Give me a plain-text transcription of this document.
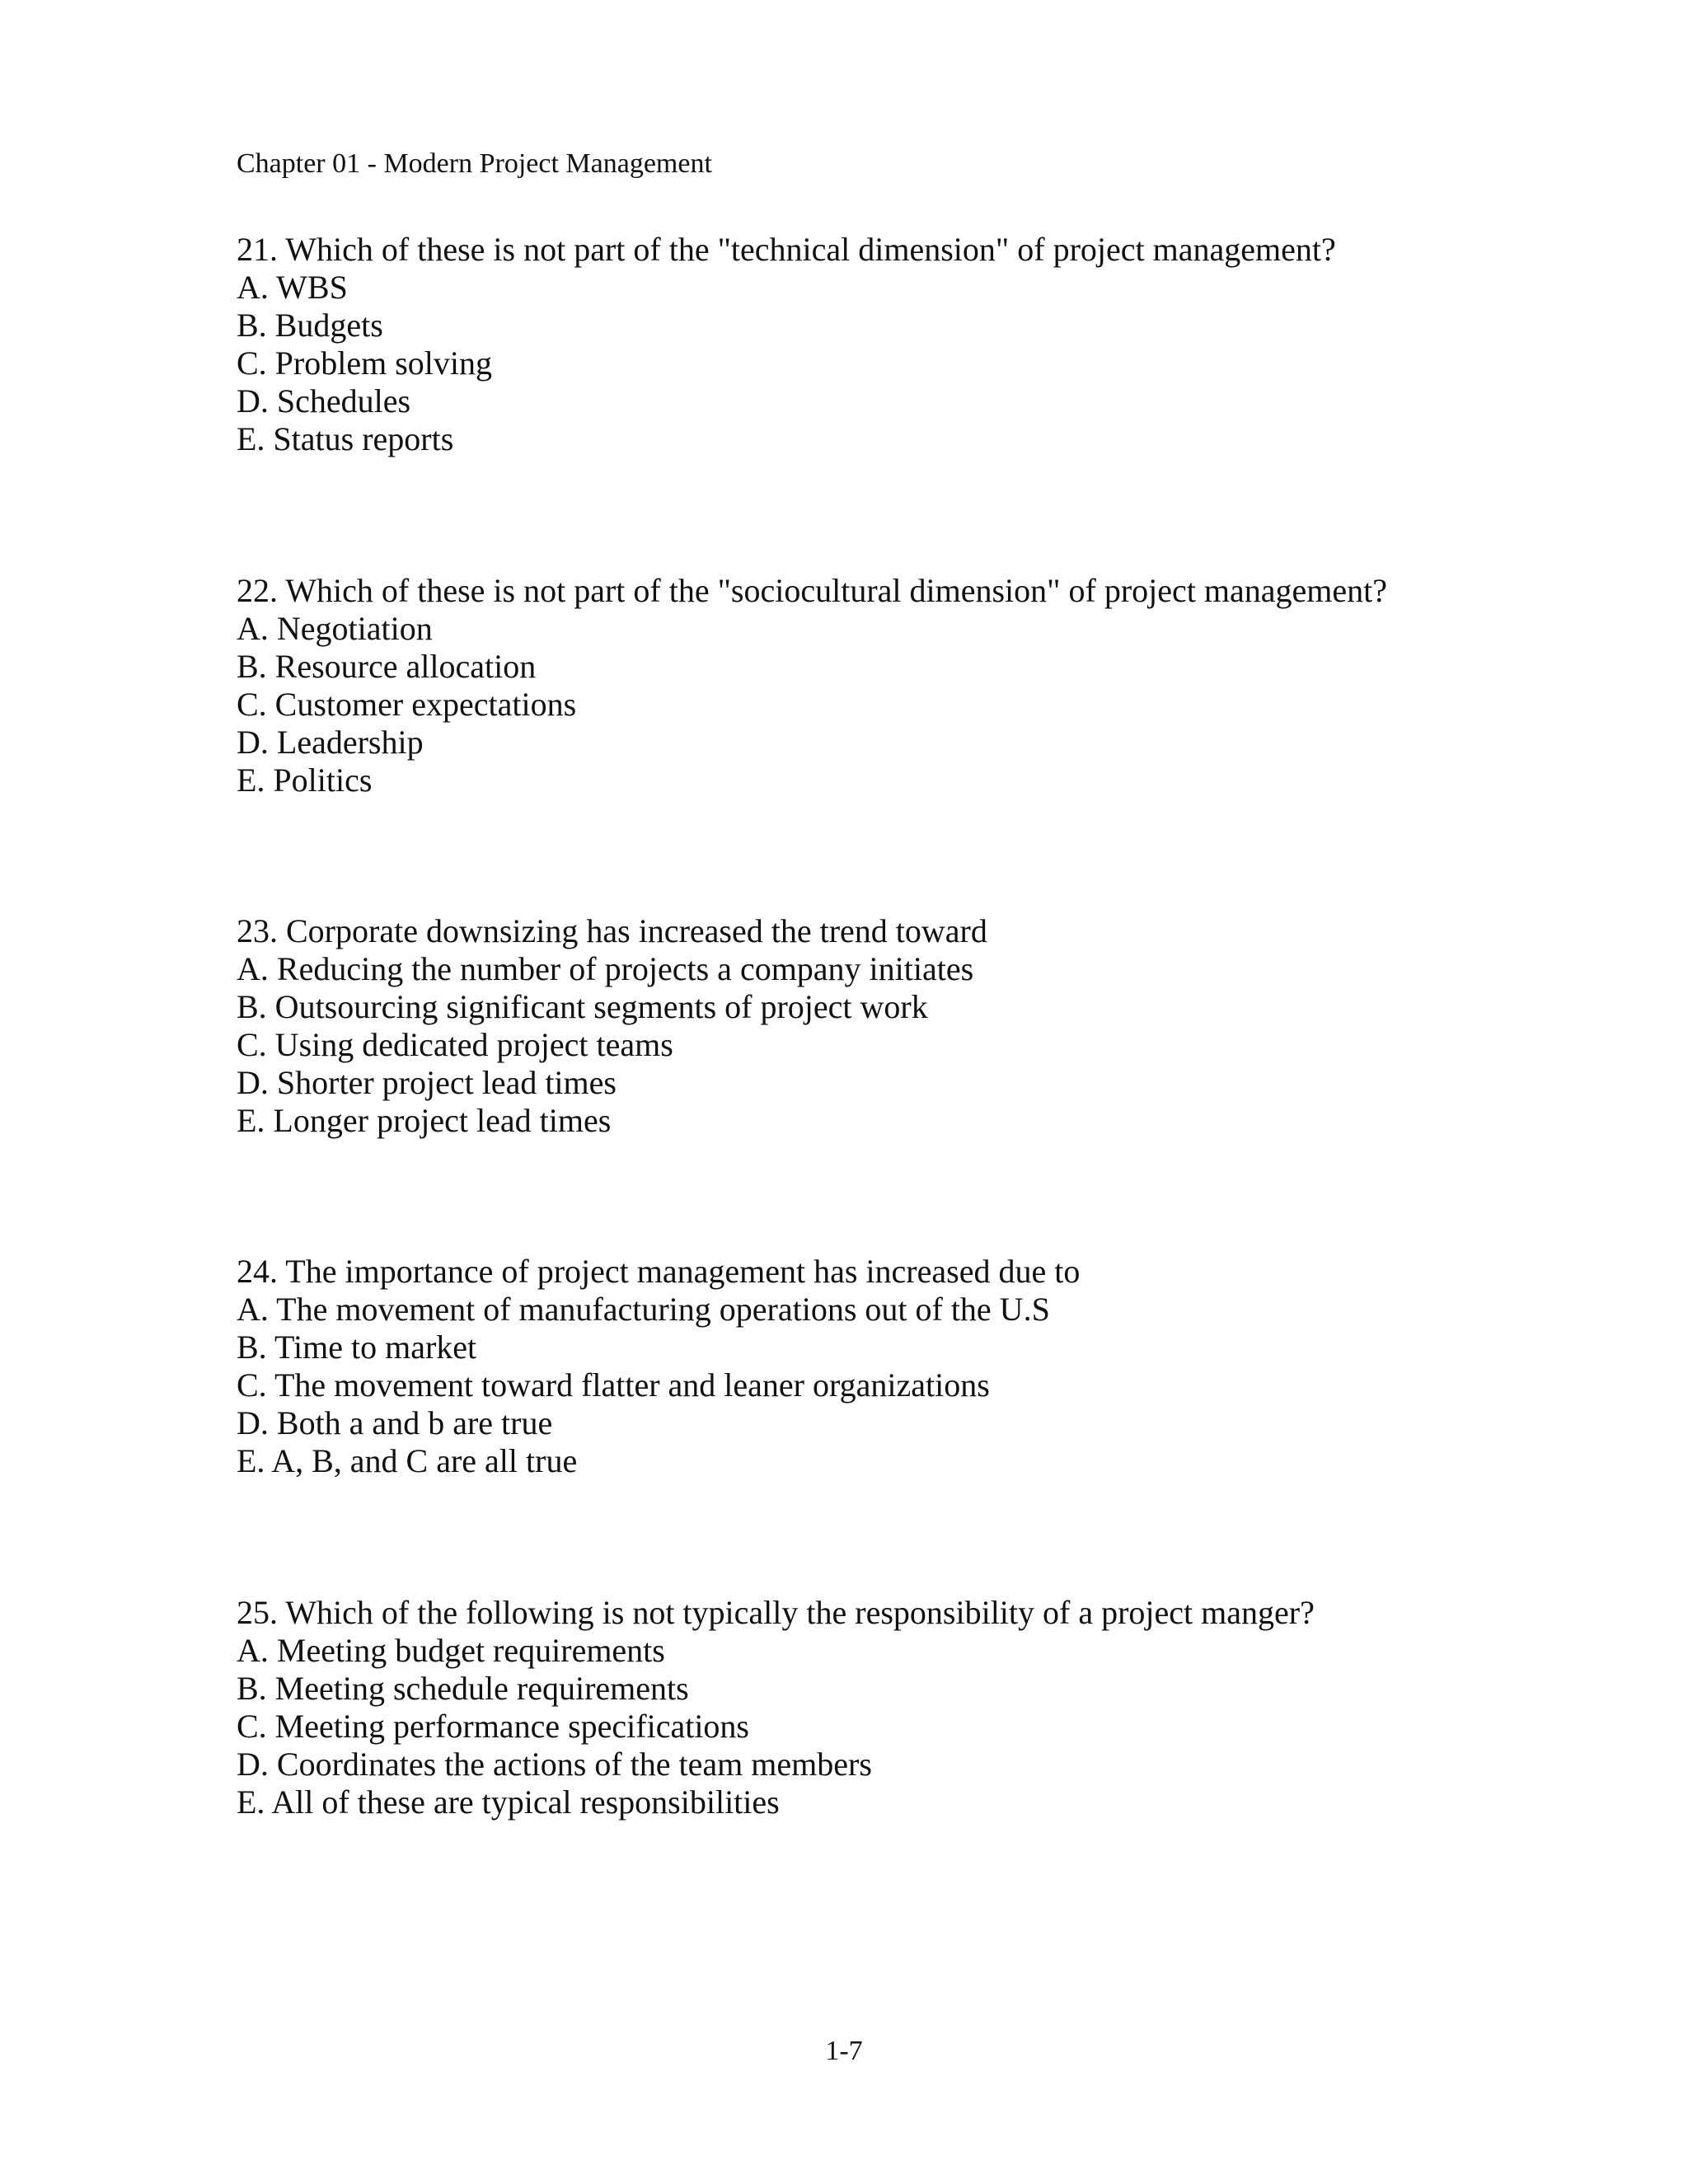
Chapter 01 - Modern Project Management

21. Which of these is not part of the "technical dimension" of project management?

A. WBS

B. Budgets

C. Problem solving

D. Schedules

E. Status reports

22. Which of these is not part of the "sociocultural dimension" of project management?

A. Negotiation

B. Resource allocation

C. Customer expectations

D. Leadership

E. Politics

23. Corporate downsizing has increased the trend toward

A. Reducing the number of projects a company initiates

B. Outsourcing significant segments of project work

C. Using dedicated project teams

D. Shorter project lead times

E. Longer project lead times

24. The importance of project management has increased due to

A. The movement of manufacturing operations out of the U.S

B. Time to market

C. The movement toward flatter and leaner organizations

D. Both a and b are true

E. A, B, and C are all true

25. Which of the following is not typically the responsibility of a project manger?

A. Meeting budget requirements

B. Meeting schedule requirements

C. Meeting performance specifications

D. Coordinates the actions of the team members

E. All of these are typical responsibilities

1-7
